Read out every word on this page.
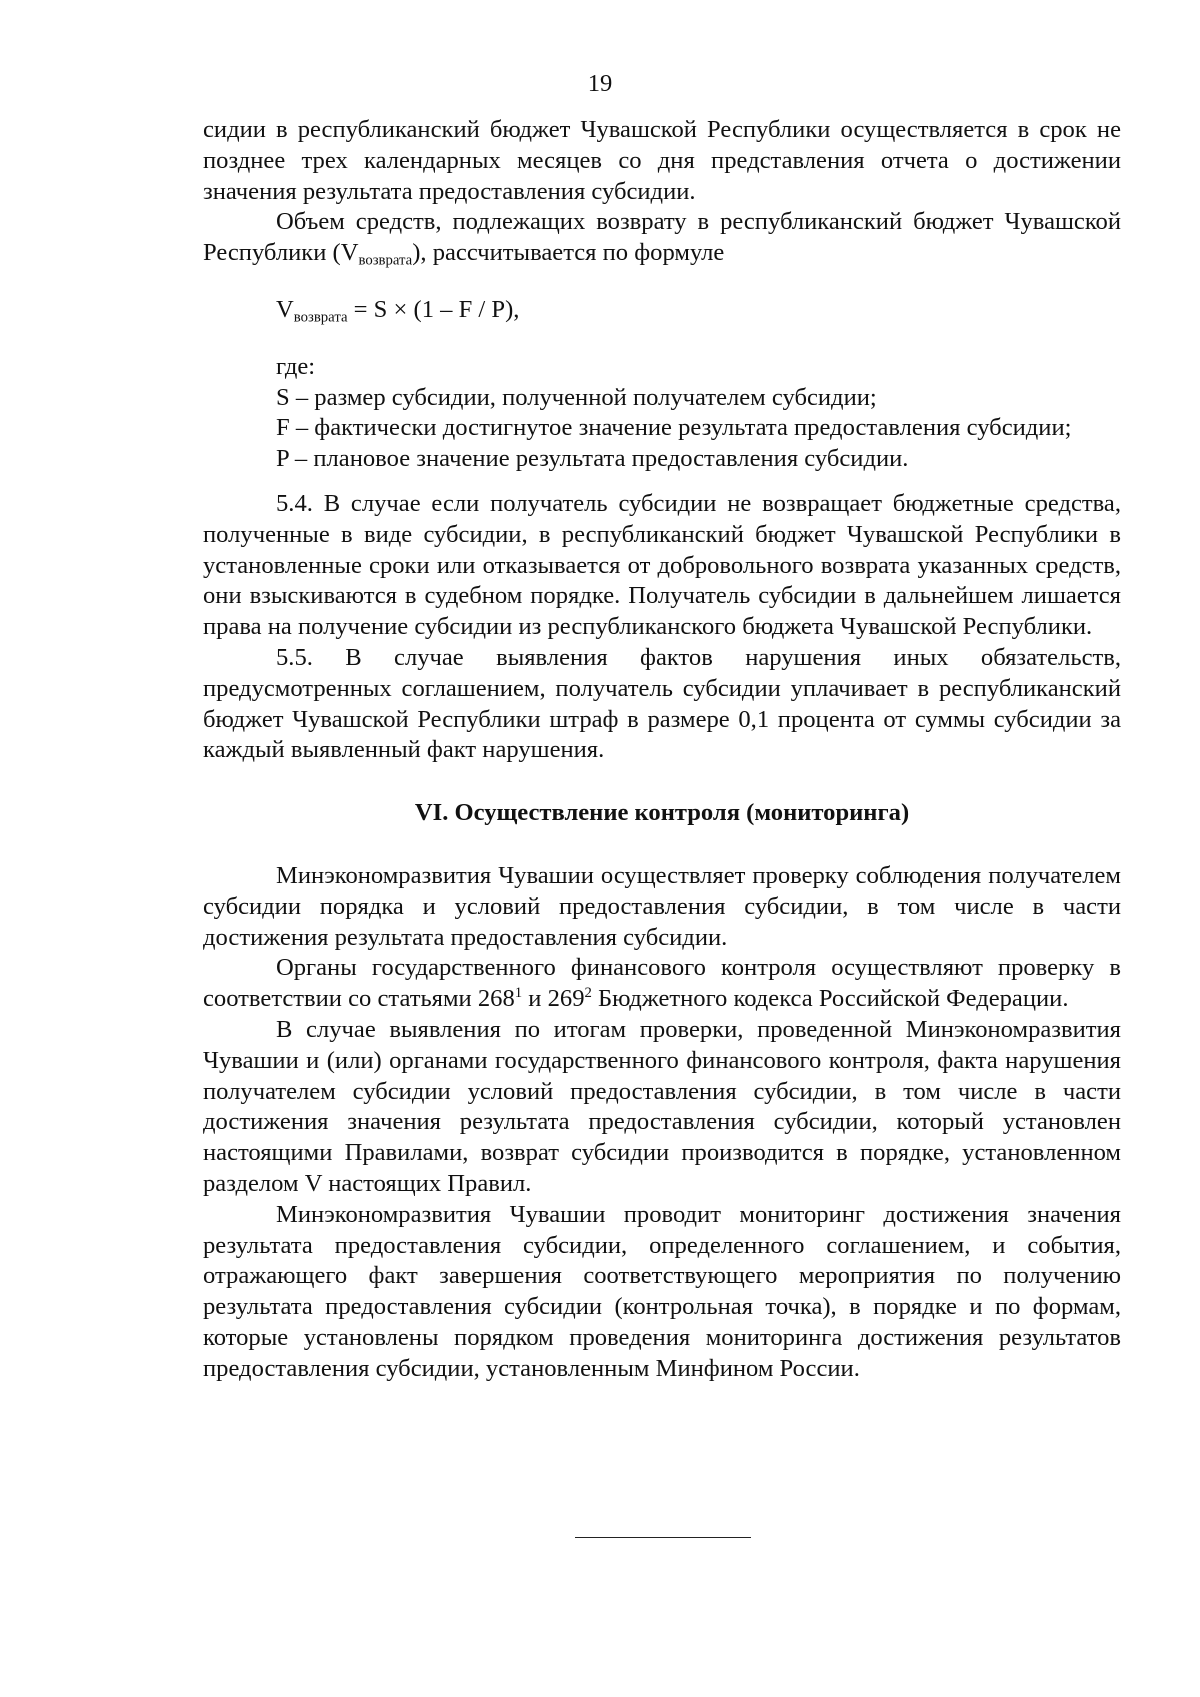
19

сидии в республиканский бюджет Чувашской Республики осуществляется в срок не позднее трех календарных месяцев со дня представления отчета о достижении значения результата предоставления субсидии.

Объем средств, подлежащих возврату в республиканский бюджет Чувашской Республики $(V_{возврата})$, рассчитывается по формуле

$V_{возврата} = S \times (1 - F / P)$,

где:

S – размер субсидии, полученной получателем субсидии;

F – фактически достигнутое значение результата предоставления субсидии;

P – плановое значение результата предоставления субсидии.

5.4. В случае если получатель субсидии не возвращает бюджетные средства, полученные в виде субсидии, в республиканский бюджет Чувашской Республики в установленные сроки или отказывается от добровольного возврата указанных средств, они взыскиваются в судебном порядке. Получатель субсидии в дальнейшем лишается права на получение субсидии из республиканского бюджета Чувашской Республики.

5.5. В случае выявления фактов нарушения иных обязательств, предусмотренных соглашением, получатель субсидии уплачивает в республиканский бюджет Чувашской Республики штраф в размере 0,1 процента от суммы субсидии за каждый выявленный факт нарушения.

VI. Осуществление контроля (мониторинга)

Минэкономразвития Чувашии осуществляет проверку соблюдения получателем субсидии порядка и условий предоставления субсидии, в том числе в части достижения результата предоставления субсидии.

Органы государственного финансового контроля осуществляют проверку в соответствии со статьями $268^1$ и $269^2$ Бюджетного кодекса Российской Федерации.

В случае выявления по итогам проверки, проведенной Минэкономразвития Чувашии и (или) органами государственного финансового контроля, факта нарушения получателем субсидии условий предоставления субсидии, в том числе в части достижения значения результата предоставления субсидии, который установлен настоящими Правилами, возврат субсидии производится в порядке, установленном разделом V настоящих Правил.

Минэкономразвития Чувашии проводит мониторинг достижения значения результата предоставления субсидии, определенного соглашением, и события, отражающего факт завершения соответствующего мероприятия по получению результата предоставления субсидии (контрольная точка), в порядке и по формам, которые установлены порядком проведения мониторинга достижения результатов предоставления субсидии, установленным Минфином России.
